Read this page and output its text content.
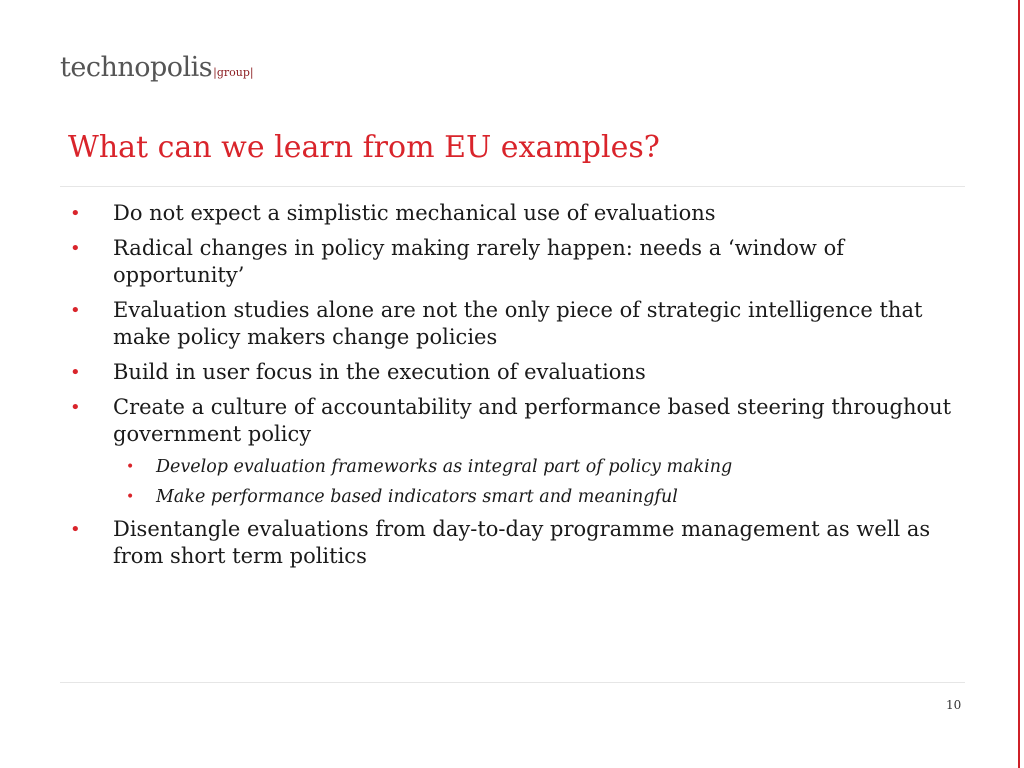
technopolis|group|
What can we learn from EU examples?
• Do not expect a simplistic mechanical use of evaluations
• Radical changes in policy making rarely happen: needs a ‘window of opportunity’
• Evaluation studies alone are not the only piece of strategic intelligence that make policy makers change policies
• Build in user focus in the execution of evaluations
• Create a culture of accountability and performance based steering throughout government policy
• Develop evaluation frameworks as integral part of policy making
• Make performance based indicators smart and meaningful
• Disentangle evaluations from day-to-day programme management as well as from short term politics
10
